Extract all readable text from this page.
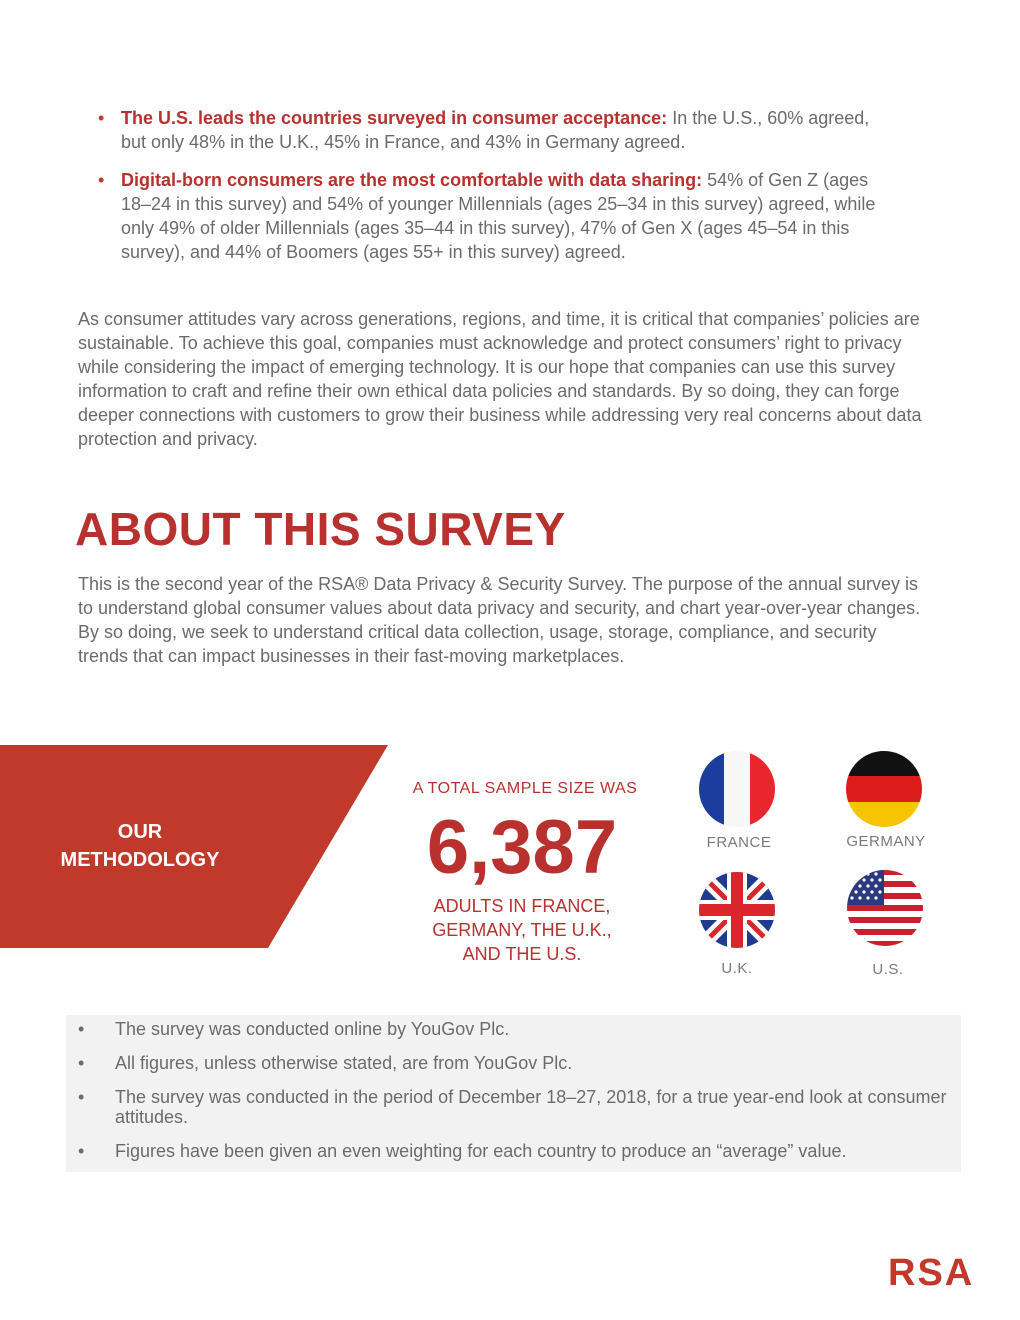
• The U.S. leads the countries surveyed in consumer acceptance: In the U.S., 60% agreed, but only 48% in the U.K., 45% in France, and 43% in Germany agreed.
• Digital-born consumers are the most comfortable with data sharing: 54% of Gen Z (ages 18–24 in this survey) and 54% of younger Millennials (ages 25–34 in this survey) agreed, while only 49% of older Millennials (ages 35–44 in this survey), 47% of Gen X (ages 45–54 in this survey), and 44% of Boomers (ages 55+ in this survey) agreed.

As consumer attitudes vary across generations, regions, and time, it is critical that companies’ policies are sustainable. To achieve this goal, companies must acknowledge and protect consumers’ right to privacy while considering the impact of emerging technology. It is our hope that companies can use this survey information to craft and refine their own ethical data policies and standards. By so doing, they can forge deeper connections with customers to grow their business while addressing very real concerns about data protection and privacy.

ABOUT THIS SURVEY

This is the second year of the RSA® Data Privacy & Security Survey. The purpose of the annual survey is to understand global consumer values about data privacy and security, and chart year-over-year changes. By so doing, we seek to understand critical data collection, usage, storage, compliance, and security trends that can impact businesses in their fast-moving marketplaces.

OUR
METHODOLOGY

A TOTAL SAMPLE SIZE WAS
6,387
ADULTS IN FRANCE,
GERMANY, THE U.K.,
AND THE U.S.
FRANCE	GERMANY
U.K.	U.S.
• The survey was conducted online by YouGov Plc.
• All figures, unless otherwise stated, are from YouGov Plc.
• The survey was conducted in the period of December 18–27, 2018, for a true year-end look at consumer attitudes.
• Figures have been given an even weighting for each country to produce an “average” value.
RSA
